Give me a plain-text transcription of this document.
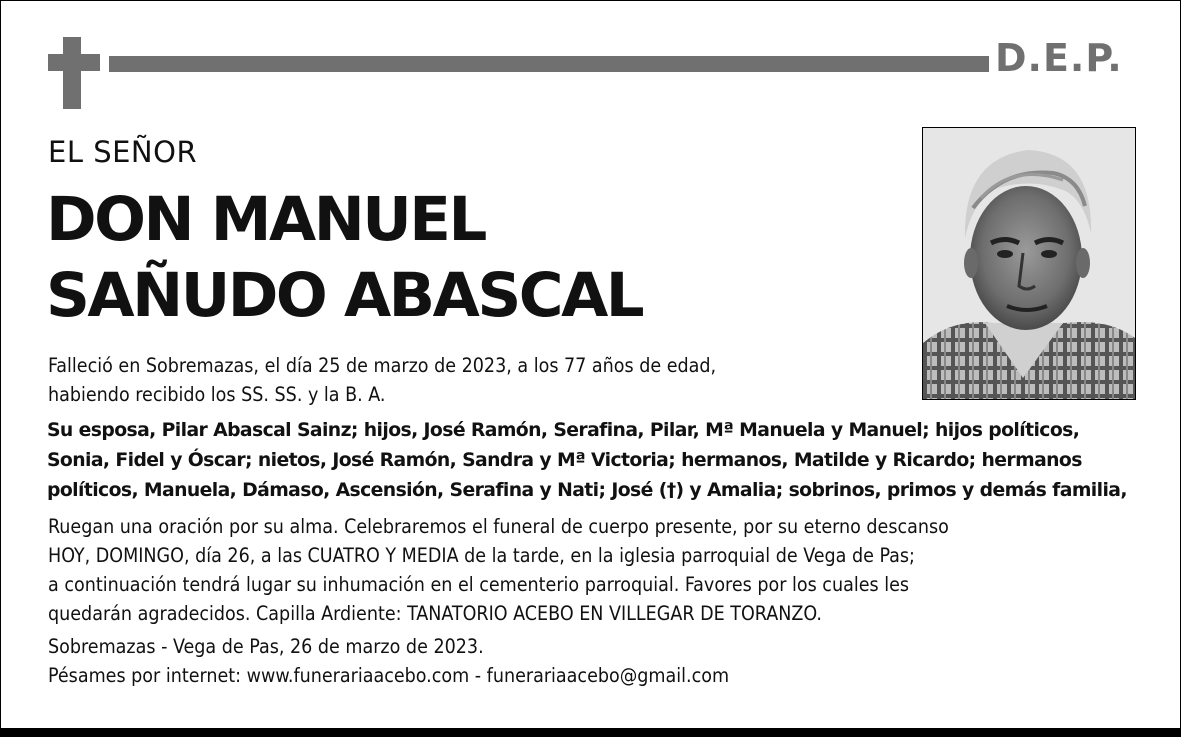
D.E.P.
EL SEÑOR
DON MANUEL
SAÑUDO ABASCAL
Falleció en Sobremazas, el día 25 de marzo de 2023, a los 77 años de edad,
habiendo recibido los SS. SS. y la B. A.
Su esposa, Pilar Abascal Sainz; hijos, José Ramón, Serafina, Pilar, Mª Manuela y Manuel; hijos políticos,
Sonia, Fidel y Óscar; nietos, José Ramón, Sandra y Mª Victoria; hermanos, Matilde y Ricardo; hermanos
políticos, Manuela, Dámaso, Ascensión, Serafina y Nati; José (†) y Amalia; sobrinos, primos y demás familia,
Ruegan una oración por su alma. Celebraremos el funeral de cuerpo presente, por su eterno descanso
HOY, DOMINGO, día 26, a las CUATRO Y MEDIA de la tarde, en la iglesia parroquial de Vega de Pas;
a continuación tendrá lugar su inhumación en el cementerio parroquial. Favores por los cuales les
quedarán agradecidos. Capilla Ardiente: TANATORIO ACEBO EN VILLEGAR DE TORANZO.
Sobremazas - Vega de Pas, 26 de marzo de 2023.
Pésames por internet: www.funerariaacebo.com - funerariaacebo@gmail.com
